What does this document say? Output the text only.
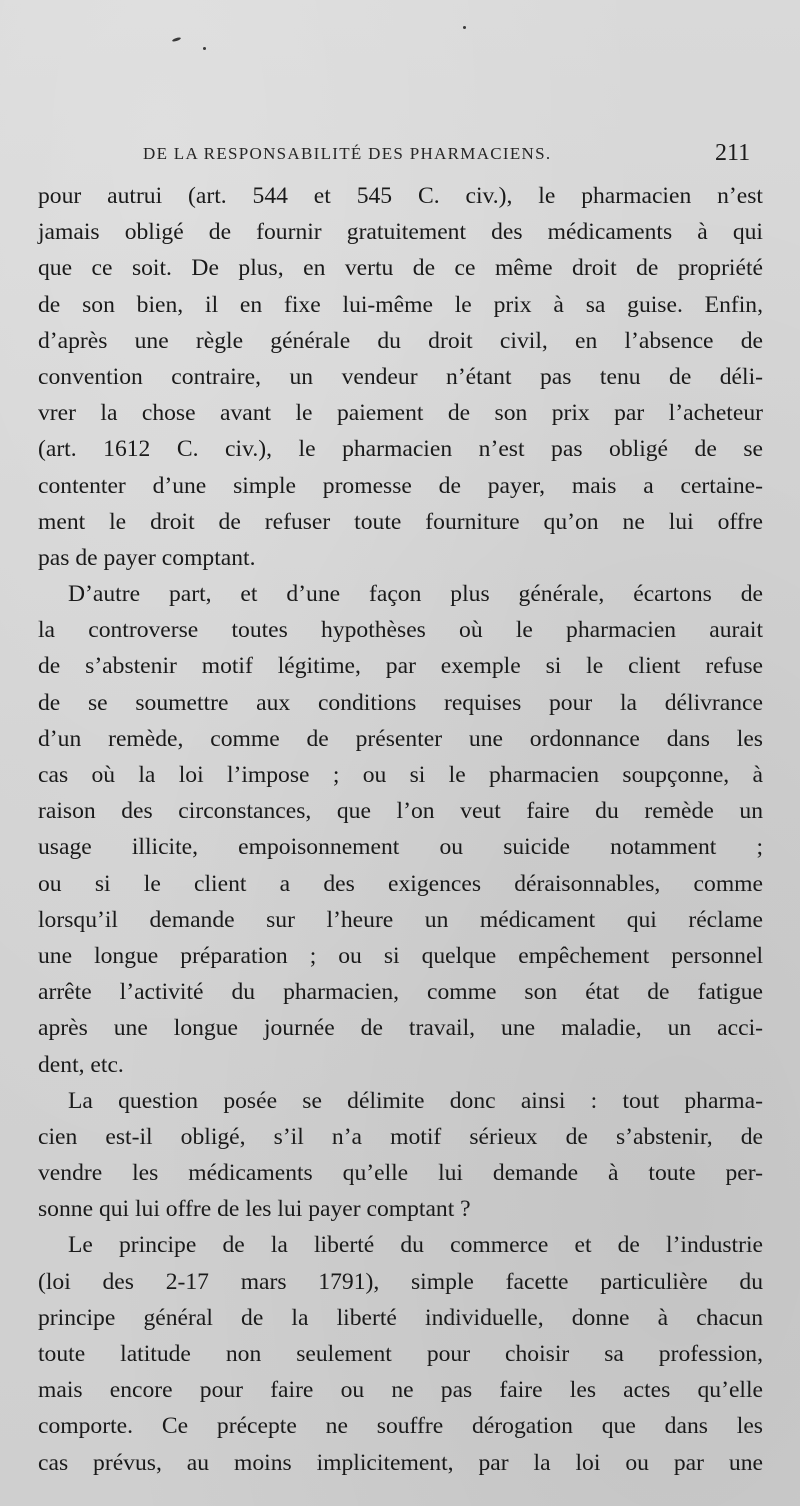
DE LA RESPONSABILITÉ DES PHARMACIENS.	211
pour autrui (art. 544 et 545 C. civ.), le pharmacien n’est
jamais obligé de fournir gratuitement des médicaments à qui
que ce soit. De plus, en vertu de ce même droit de propriété
de son bien, il en fixe lui-même le prix à sa guise. Enfin,
d’après une règle générale du droit civil, en l’absence de
convention contraire, un vendeur n’étant pas tenu de déli-
vrer la chose avant le paiement de son prix par l’acheteur
(art. 1612 C. civ.), le pharmacien n’est pas obligé de se
contenter d’une simple promesse de payer, mais a certaine-
ment le droit de refuser toute fourniture qu’on ne lui offre
pas de payer comptant.
D’autre part, et d’une façon plus générale, écartons de
la controverse toutes hypothèses où le pharmacien aurait
de s’abstenir motif légitime, par exemple si le client refuse
de se soumettre aux conditions requises pour la délivrance
d’un remède, comme de présenter une ordonnance dans les
cas où la loi l’impose ; ou si le pharmacien soupçonne, à
raison des circonstances, que l’on veut faire du remède un
usage illicite, empoisonnement ou suicide notamment ;
ou si le client a des exigences déraisonnables, comme
lorsqu’il demande sur l’heure un médicament qui réclame
une longue préparation ; ou si quelque empêchement personnel
arrête l’activité du pharmacien, comme son état de fatigue
après une longue journée de travail, une maladie, un acci-
dent, etc.
La question posée se délimite donc ainsi : tout pharma-
cien est-il obligé, s’il n’a motif sérieux de s’abstenir, de
vendre les médicaments qu’elle lui demande à toute per-
sonne qui lui offre de les lui payer comptant ?
Le principe de la liberté du commerce et de l’industrie
(loi des 2-17 mars 1791), simple facette particulière du
principe général de la liberté individuelle, donne à chacun
toute latitude non seulement pour choisir sa profession,
mais encore pour faire ou ne pas faire les actes qu’elle
comporte. Ce précepte ne souffre dérogation que dans les
cas prévus, au moins implicitement, par la loi ou par une
